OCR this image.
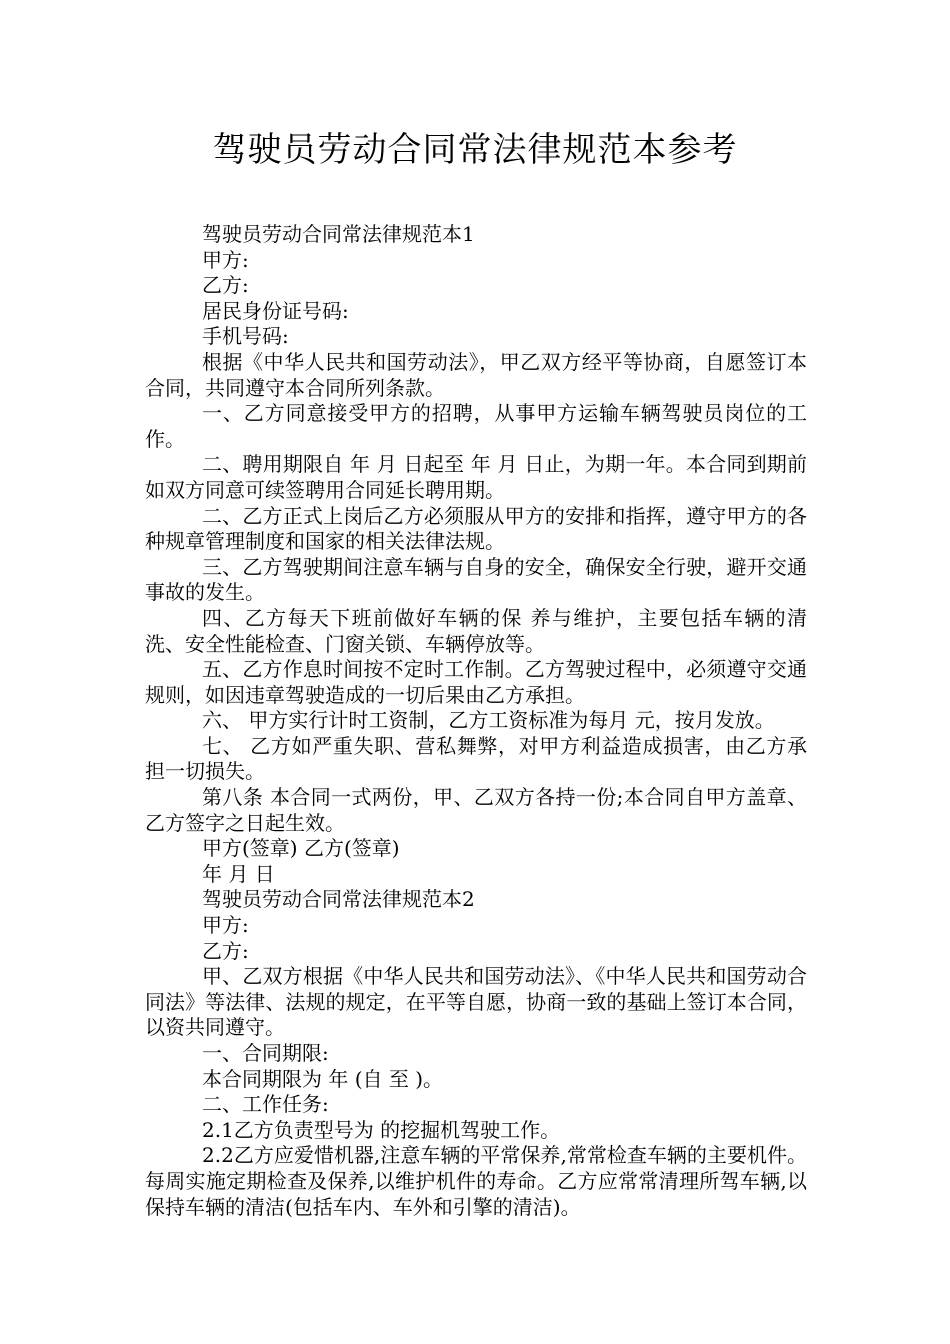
驾驶员劳动合同常法律规范本参考

驾驶员劳动合同常法律规范本1

甲方:

乙方:

居民身份证号码:

手机号码:

根据《中华人民共和国劳动法》，甲乙双方经平等协商，自愿签订本合同，共同遵守本合同所列条款。

一、乙方同意接受甲方的招聘，从事甲方运输车辆驾驶员岗位的工作。

二、聘用期限自 年 月 日起至 年 月 日止，为期一年。本合同到期前如双方同意可续签聘用合同延长聘用期。

二、乙方正式上岗后乙方必须服从甲方的安排和指挥，遵守甲方的各种规章管理制度和国家的相关法律法规。

三、乙方驾驶期间注意车辆与自身的安全，确保安全行驶，避开交通事故的发生。

四、乙方每天下班前做好车辆的保 养与维护，主要包括车辆的清洗、安全性能检查、门窗关锁、车辆停放等。

五、乙方作息时间按不定时工作制。乙方驾驶过程中，必须遵守交通规则，如因违章驾驶造成的一切后果由乙方承担。

六、 甲方实行计时工资制，乙方工资标准为每月 元，按月发放。

七、 乙方如严重失职、营私舞弊，对甲方利益造成损害，由乙方承担一切损失。

第八条 本合同一式两份，甲、乙双方各持一份;本合同自甲方盖章、乙方签字之日起生效。

甲方(签章) 乙方(签章)

年 月 日

驾驶员劳动合同常法律规范本2

甲方:

乙方:

甲、乙双方根据《中华人民共和国劳动法》、《中华人民共和国劳动合同法》等法律、法规的规定，在平等自愿，协商一致的基础上签订本合同，以资共同遵守。

一、合同期限:

本合同期限为 年 (自 至 )。

二、工作任务:

2.1乙方负责型号为 的挖掘机驾驶工作。

2.2乙方应爱惜机器,注意车辆的平常保养,常常检查车辆的主要机件。每周实施定期检查及保养,以维护机件的寿命。乙方应常常清理所驾车辆,以保持车辆的清洁(包括车内、车外和引擎的清洁)。
